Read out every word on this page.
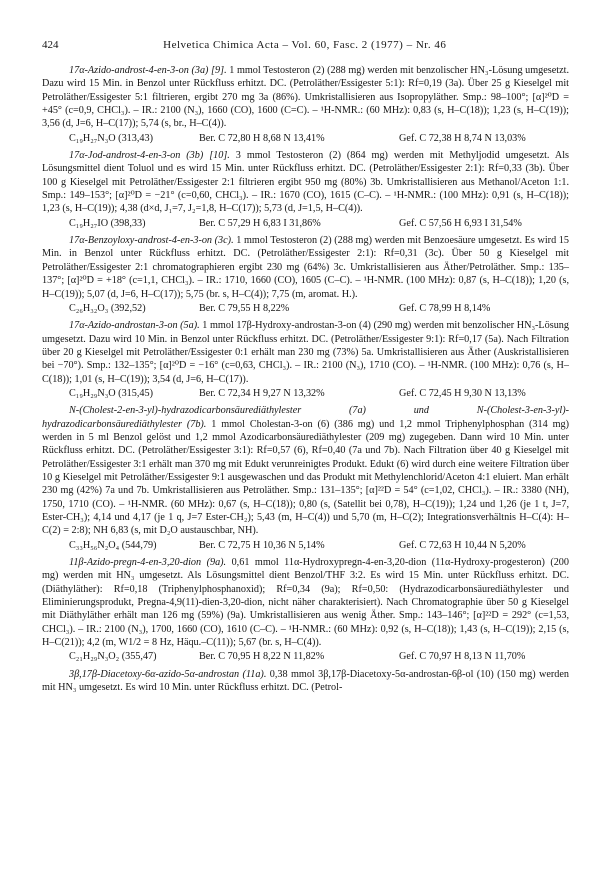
424	Helvetica Chimica Acta – Vol. 60, Fasc. 2 (1977) – Nr. 46

17α-Azido-androst-4-en-3-on (3a) [9]. 1 mmol Testosteron (2) (288 mg) werden mit benzolischer HN₃-Lösung umgesetzt. Dazu wird 15 Min. in Benzol unter Rückfluss erhitzt. DC. (Petroläther/Essigester 5:1): Rf=0,19 (3a). Über 25 g Kieselgel mit Petroläther/Essigester 5:1 filtrieren, ergibt 270 mg 3a (86%). Umkristallisieren aus Isopropyläther. Smp.: 98–100°; [α]²⁰D = +45° (c=0,9, CHCl₃). – IR.: 2100 (N₃), 1660 (CO), 1600 (C=C). – ¹H-NMR.: (60 MHz): 0,83 (s, H–C(18)); 1,23 (s, H–C(19)); 3,56 (d, J=6, H–C(17)); 5,74 (s, br., H–C(4)).

C₁₉H₂₇N₃O (313,43)	Ber. C 72,80 H 8,68 N 13,41%	Gef. C 72,38 H 8,74 N 13,03%

17α-Jod-androst-4-en-3-on (3b) [10]. 3 mmol Testosteron (2) (864 mg) werden mit Methyljodid umgesetzt. Als Lösungsmittel dient Toluol und es wird 15 Min. unter Rückfluss erhitzt. DC. (Petroläther/Essigester 2:1): Rf=0,33 (3b). Über 100 g Kieselgel mit Petroläther/Essigester 2:1 filtrieren ergibt 950 mg (80%) 3b. Umkristallisieren aus Methanol/Aceton 1:1. Smp.: 149–153°; [α]²⁰D = −21° (c=0,60, CHCl₃). – IR.: 1670 (CO), 1615 (C–C). – ¹H-NMR.: (100 MHz): 0,91 (s, H–C(18)); 1,23 (s, H–C(19)); 4,38 (d×d, J₁=7, J₂=1,8, H–C(17)); 5,73 (d, J=1,5, H–C(4)).

C₁₉H₂₇IO (398,33)	Ber. C 57,29 H 6,83 I 31,86%	Gef. C 57,56 H 6,93 I 31,54%

17α-Benzoyloxy-androst-4-en-3-on (3c). 1 mmol Testosteron (2) (288 mg) werden mit Benzoesäure umgesetzt. Es wird 15 Min. in Benzol unter Rückfluss erhitzt. DC. (Petroläther/Essigester 2:1): Rf=0,31 (3c). Über 50 g Kieselgel mit Petroläther/Essigester 2:1 chromatographieren ergibt 230 mg (64%) 3c. Umkristallisieren aus Äther/Petroläther. Smp.: 135–137°; [α]²⁰D = +18° (c=1,1, CHCl₃). – IR.: 1710, 1660 (CO), 1605 (C–C). – ¹H-NMR. (100 MHz): 0,87 (s, H–C(18)); 1,20 (s, H–C(19)); 5,07 (d, J=6, H–C(17)); 5,75 (br. s, H–C(4)); 7,75 (m, aromat. H.).

C₂₆H₃₂O₃ (392,52)	Ber. C 79,55 H 8,22%	Gef. C 78,99 H 8,14%

17α-Azido-androstan-3-on (5a). 1 mmol 17β-Hydroxy-androstan-3-on (4) (290 mg) werden mit benzolischer HN₃-Lösung umgesetzt. Dazu wird 10 Min. in Benzol unter Rückfluss erhitzt. DC. (Petroläther/Essigester 9:1): Rf=0,17 (5a). Nach Filtration über 20 g Kieselgel mit Petroläther/Essigester 0:1 erhält man 230 mg (73%) 5a. Umkristallisieren aus Äther (Auskristallisieren bei −70°). Smp.: 132–135°; [α]²⁰D = −16° (c=0,63, CHCl₃). – IR.: 2100 (N₃), 1710 (CO). – ¹H-NMR. (100 MHz): 0,76 (s, H–C(18)); 1,01 (s, H–C(19)); 3,54 (d, J=6, H–C(17)).

C₁₉H₂₉N₃O (315,45)	Ber. C 72,34 H 9,27 N 13,32%	Gef. C 72,45 H 9,30 N 13,13%

N-(Cholest-2-en-3-yl)-hydrazodicarbonsäurediäthylester (7a) und N-(Cholest-3-en-3-yl)-hydrazodicarbonsäurediäthylester (7b). 1 mmol Cholestan-3-on (6) (386 mg) und 1,2 mmol Triphenylphosphan (314 mg) werden in 5 ml Benzol gelöst und 1,2 mmol Azodicarbonsäurediäthylester (209 mg) zugegeben. Dann wird 10 Min. unter Rückfluss erhitzt. DC. (Petroläther/Essigester 3:1): Rf=0,57 (6), Rf=0,40 (7a und 7b). Nach Filtration über 40 g Kieselgel mit Petroläther/Essigester 3:1 erhält man 370 mg mit Edukt verunreinigtes Produkt. Edukt (6) wird durch eine weitere Filtration über 10 g Kieselgel mit Petroläther/Essigester 9:1 ausgewaschen und das Produkt mit Methylenchlorid/Aceton 4:1 eluiert. Man erhält 230 mg (42%) 7a und 7b. Umkristallisieren aus Petroläther. Smp.: 131–135°; [α]²²D = 54° (c=1,02, CHCl₃). – IR.: 3380 (NH), 1750, 1710 (CO). – ¹H-NMR. (60 MHz): 0,67 (s, H–C(18)); 0,80 (s, (Satellit bei 0,78), H–C(19)); 1,24 und 1,26 (je 1 t, J=7, Ester-CH₃); 4,14 und 4,17 (je 1 q, J=7 Ester-CH₂); 5,43 (m, H–C(4)) und 5,70 (m, H–C(2); Integrationsverhältnis H–C(4): H–C(2) = 2:8); NH 6,83 (s, mit D₂O austauschbar, NH).

C₃₃H₅₆N₂O₄ (544,79)	Ber. C 72,75 H 10,36 N 5,14%	Gef. C 72,63 H 10,44 N 5,20%

11β-Azido-pregn-4-en-3,20-dion (9a). 0,61 mmol 11α-Hydroxypregn-4-en-3,20-dion (11α-Hydroxy-progesteron) (200 mg) werden mit HN₃ umgesetzt. Als Lösungsmittel dient Benzol/THF 3:2. Es wird 15 Min. unter Rückfluss erhitzt. DC. (Diäthyläther): Rf=0,18 (Triphenylphosphanoxid); Rf=0,34 (9a); Rf=0,50: (Hydrazodicarbonsäurediäthylester und Eliminierungsprodukt, Pregna-4,9(11)-dien-3,20-dion, nicht näher charakterisiert). Nach Chromatographie über 50 g Kieselgel mit Diäthyläther erhält man 126 mg (59%) (9a). Umkristallisieren aus wenig Äther. Smp.: 143–146°; [α]²²D = 292° (c=1,53, CHCl₃). – IR.: 2100 (N₃), 1700, 1660 (CO), 1610 (C–C). – ¹H-NMR.: (60 MHz): 0,92 (s, H–C(18)); 1,43 (s, H–C(19)); 2,15 (s, H–C(21)); 4,2 (m, W1/2 = 8 Hz, Häqu.–C(11)); 5,67 (br. s, H–C(4)).

C₂₁H₂₉N₃O₂ (355,47)	Ber. C 70,95 H 8,22 N 11,82%	Gef. C 70,97 H 8,13 N 11,70%

3β,17β-Diacetoxy-6α-azido-5α-androstan (11a). 0,38 mmol 3β,17β-Diacetoxy-5α-androstan-6β-ol (10) (150 mg) werden mit HN₃ umgesetzt. Es wird 10 Min. unter Rückfluss erhitzt. DC. (Petrol-
